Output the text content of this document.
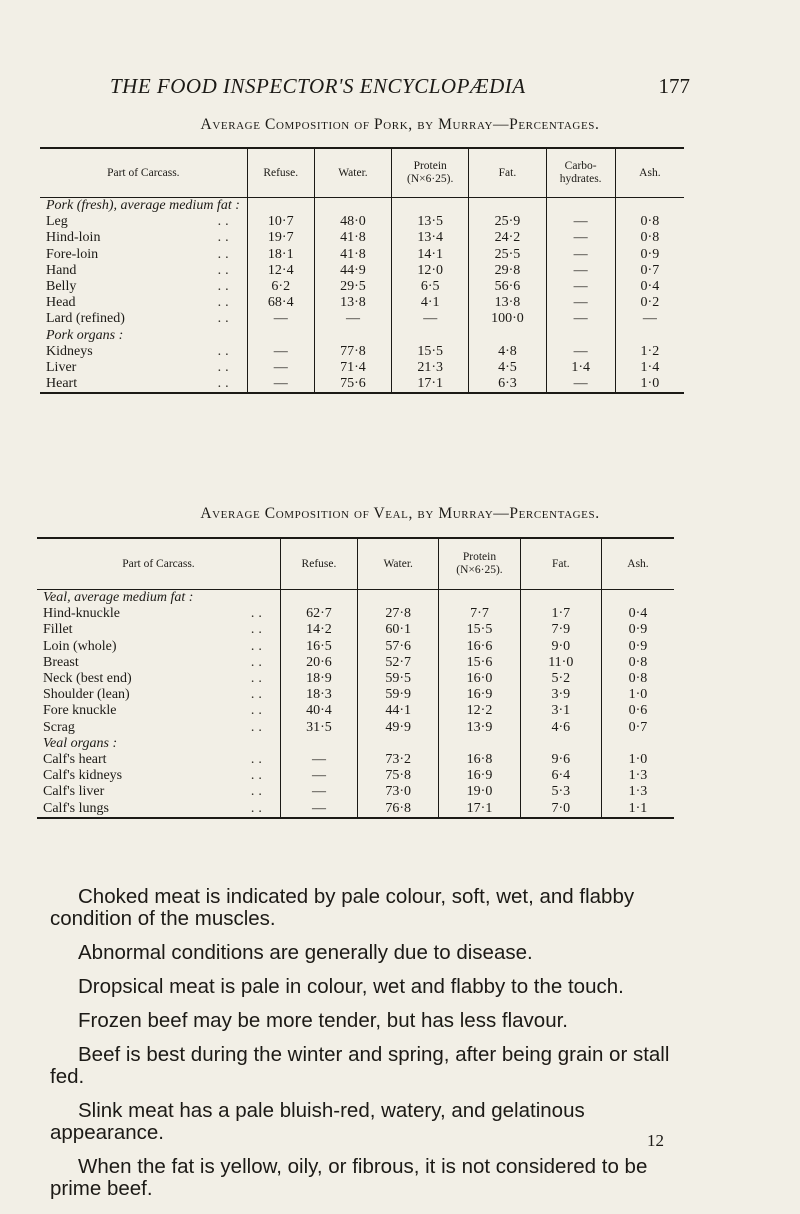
THE FOOD INSPECTOR'S ENCYCLOPÆDIA	177
Average Composition of Pork, by Murray—Percentages.
Part of Carcass.	Refuse.	Water.	Protein (N×6·25).	Fat.	Carbo-hydrates.	Ash.
Pork (fresh), average medium fat :						
Leg ..	10·7	48·0	13·5	25·9	—	0·8
Hind-loin ..	19·7	41·8	13·4	24·2	—	0·8
Fore-loin ..	18·1	41·8	14·1	25·5	—	0·9
Hand ..	12·4	44·9	12·0	29·8	—	0·7
Belly ..	6·2	29·5	6·5	56·6	—	0·4
Head ..	68·4	13·8	4·1	13·8	—	0·2
Lard (refined) ..	—	—	—	100·0	—	—
Pork organs :						
Kidneys ..	—	77·8	15·5	4·8	—	1·2
Liver ..	—	71·4	21·3	4·5	1·4	1·4
Heart ..	—	75·6	17·1	6·3	—	1·0
Average Composition of Veal, by Murray—Percentages.
Part of Carcass.	Refuse.	Water.	Protein (N×6·25).	Fat.	Ash.
Veal, average medium fat :					
Hind-knuckle ..	62·7	27·8	7·7	1·7	0·4
Fillet ..	14·2	60·1	15·5	7·9	0·9
Loin (whole) ..	16·5	57·6	16·6	9·0	0·9
Breast ..	20·6	52·7	15·6	11·0	0·8
Neck (best end) ..	18·9	59·5	16·0	5·2	0·8
Shoulder (lean) ..	18·3	59·9	16·9	3·9	1·0
Fore knuckle ..	40·4	44·1	12·2	3·1	0·6
Scrag ..	31·5	49·9	13·9	4·6	0·7
Veal organs :					
Calf's heart ..	—	73·2	16·8	9·6	1·0
Calf's kidneys ..	—	75·8	16·9	6·4	1·3
Calf's liver ..	—	73·0	19·0	5·3	1·3
Calf's lungs ..	—	76·8	17·1	7·0	1·1

Choked meat is indicated by pale colour, soft, wet, and flabby condition of the muscles.

Abnormal conditions are generally due to disease.

Dropsical meat is pale in colour, wet and flabby to the touch.

Frozen beef may be more tender, but has less flavour.

Beef is best during the winter and spring, after being grain or stall fed.

Slink meat has a pale bluish-red, watery, and gelatinous appearance.

When the fat is yellow, oily, or fibrous, it is not considered to be prime beef.

12
